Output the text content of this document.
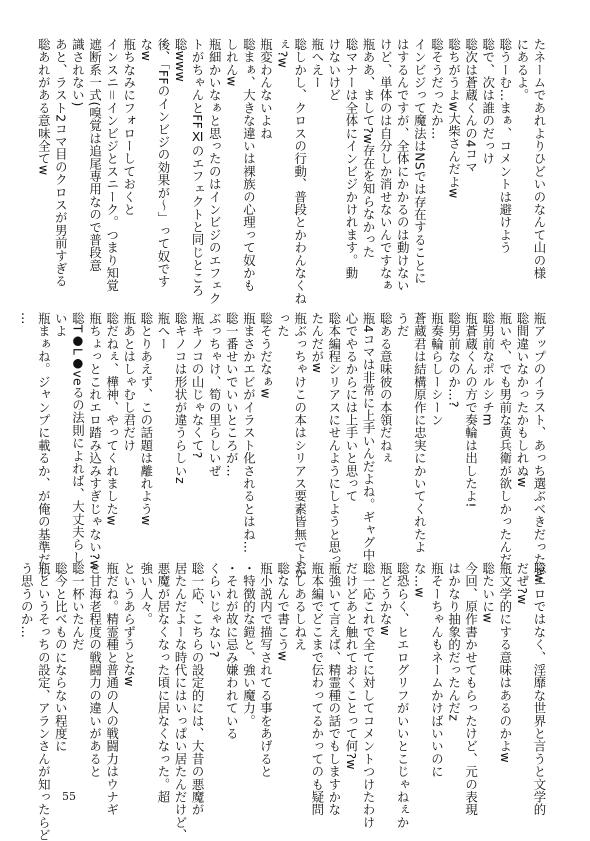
たネームであれよりひどいのなんて山の様

にあるよ。

聡うーむ…まぁ、コメントは避けよう

聡で、次は誰のだっけ

聡次は蒼蔵くんの4コマ

聡ちがうよw大柴さんだよw

聡そうだったか…

インビジって魔法はNSでは存在することに

はするんですが、全体にかかるのは動けない

けど、単体のは自分しか消せないんですなぁ

瓶ああ、まして?w存在を知らなかった

聡マナーは全体にインビジかけれます。動

けないけど

瓶へえー

聡しかし、クロスの行動、普段とかわんなくね

ぇ?w

瓶変わんないよね

聡まぁ、大きな違いは裸族の心理って奴かも

しれんw

瓶細かいなぁと思ったのはインビジのエフェク

トがちゃんとFFⅪのエフェクトと同じところ

聡www

後、「FFのインビジの効果が～」って奴です

なw

瓶ちなみにフォローしておくと

インスニ＝インビジとスニーク。つまり知覚

遮断系一式(嗅覚は追尾専用なので普段意

識されない)

あと、ラスト2コマ目のクロスが男前すぎる

聡あれがある意味全てw

瓶アップのイラスト、あっち選ぶべきだった?w

聡間違いなかったかもしれぬw

瓶いや、でも男前な黄兵衛が欲しかったんだ

聡男前なポルシチm

瓶蒼蔵くんの方で奏輪は出したよ!

聡男前なのか…?

瓶奏輪らしーシーン

蒼蔵君は結構原作に忠実にかいてくれたよ

うだ

聡ある意味彼の本領だねぇ

瓶4コマは非常に上手いんだよね。ギャグ中

心でやるからには上手いと思って

聡本編程シリアスにせんようにしようと思っ

たんだがw

瓶ぶっちゃけこの本はシリアス要素皆無でよか

った

聡そうだなぁw

瓶まさかエビがイラスト化されるとはね…

聡一番せいでいいところが…

ぶっちゃけ、筍の里らしいぜ

瓶キノコの山じゃなくて?

聡キノコは形状が違うらしいz

瓶へー

聡とりあえず、この話題は離れようw

瓶あとはしゃむし君だけ

聡だねぇ、樺神、やってくれましたw

瓶ちょっとこれエロ踏み込みすぎじゃない?w

聡T●L●veるの法則によれば、大丈夫らし

いよ

瓶まぁね。ジャンプに載るか、が俺の基準だし

…

聡エロではなく、淫靡な世界と言うと文学的

だぜ?w

瓶文学的にする意味はあるのかよw

聡たいにw

今回、原作書かせてもらったけど、元の表現

はかなり抽象的だったんだz

瓶そーちゃんもネームかけばいいのに

な…w

聡恐らく、ヒエログリフがいいとこじゃねぇか

瓶どうかなw

聡一応これで全てに対してコメントつけたわけ

だけどあと触れておくことって何?w

瓶強いて言えば、精霊種の話でもしますかな

瓶本編でどこまで伝わってるかってのも疑問

だしあるしねえ

聡なんで書こうw

瓶小説内で描写されてる事をあげると

・特徴的な鎧と、強い魔力。

・それが故に忌み嫌われている

くらいじゃない?

聡一応、こちらの設定的には、大昔の悪魔が

居たんだよーな時代にはいっぱい居たんだけど、

悪魔が居なくなった頃に居なくなった。超

強い人々。

というあらずうとなw

瓶だね。精霊種と普通の人の戦闘力はウナギ

と甘海老程度の戦闘力の違いがあると

聡一杯いたんだ

聡今と比べものにならない程度に

瓶というそっちの設定、アランさんが知ったらど

う思うのか…

55
